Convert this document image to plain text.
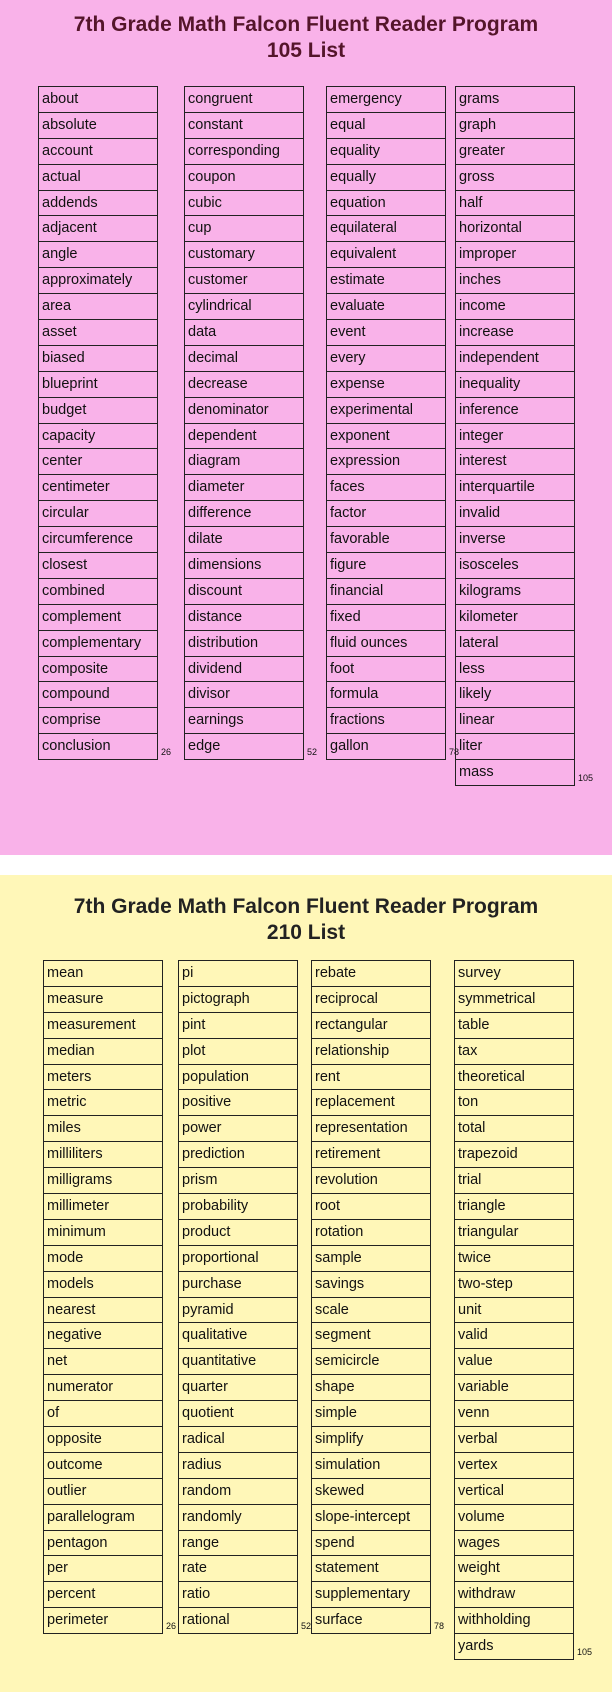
7th Grade Math Falcon Fluent Reader Program
105 List
about
absolute
account
actual
addends
adjacent
angle
approximately
area
asset
biased
blueprint
budget
capacity
center
centimeter
circular
circumference
closest
combined
complement
complementary
composite
compound
comprise
conclusion	26
congruent
constant
corresponding
coupon
cubic
cup
customary
customer
cylindrical
data
decimal
decrease
denominator
dependent
diagram
diameter
difference
dilate
dimensions
discount
distance
distribution
dividend
divisor
earnings
edge	52
emergency
equal
equality
equally
equation
equilateral
equivalent
estimate
evaluate
event
every
expense
experimental
exponent
expression
faces
factor
favorable
figure
financial
fixed
fluid ounces
foot
formula
fractions
gallon	78
grams
graph
greater
gross
half
horizontal
improper
inches
income
increase
independent
inequality
inference
integer
interest
interquartile
invalid
inverse
isosceles
kilograms
kilometer
lateral
less
likely
linear
liter
mass	105
7th Grade Math Falcon Fluent Reader Program
210 List
mean
measure
measurement
median
meters
metric
miles
milliliters
milligrams
millimeter
minimum
mode
models
nearest
negative
net
numerator
of
opposite
outcome
outlier
parallelogram
pentagon
per
percent
perimeter	26
pi
pictograph
pint
plot
population
positive
power
prediction
prism
probability
product
proportional
purchase
pyramid
qualitative
quantitative
quarter
quotient
radical
radius
random
randomly
range
rate
ratio
rational	52
rebate
reciprocal
rectangular
relationship
rent
replacement
representation
retirement
revolution
root
rotation
sample
savings
scale
segment
semicircle
shape
simple
simplify
simulation
skewed
slope-intercept
spend
statement
supplementary
surface	78
survey
symmetrical
table
tax
theoretical
ton
total
trapezoid
trial
triangle
triangular
twice
two-step
unit
valid
value
variable
venn
verbal
vertex
vertical
volume
wages
weight
withdraw
withholding
yards	105
